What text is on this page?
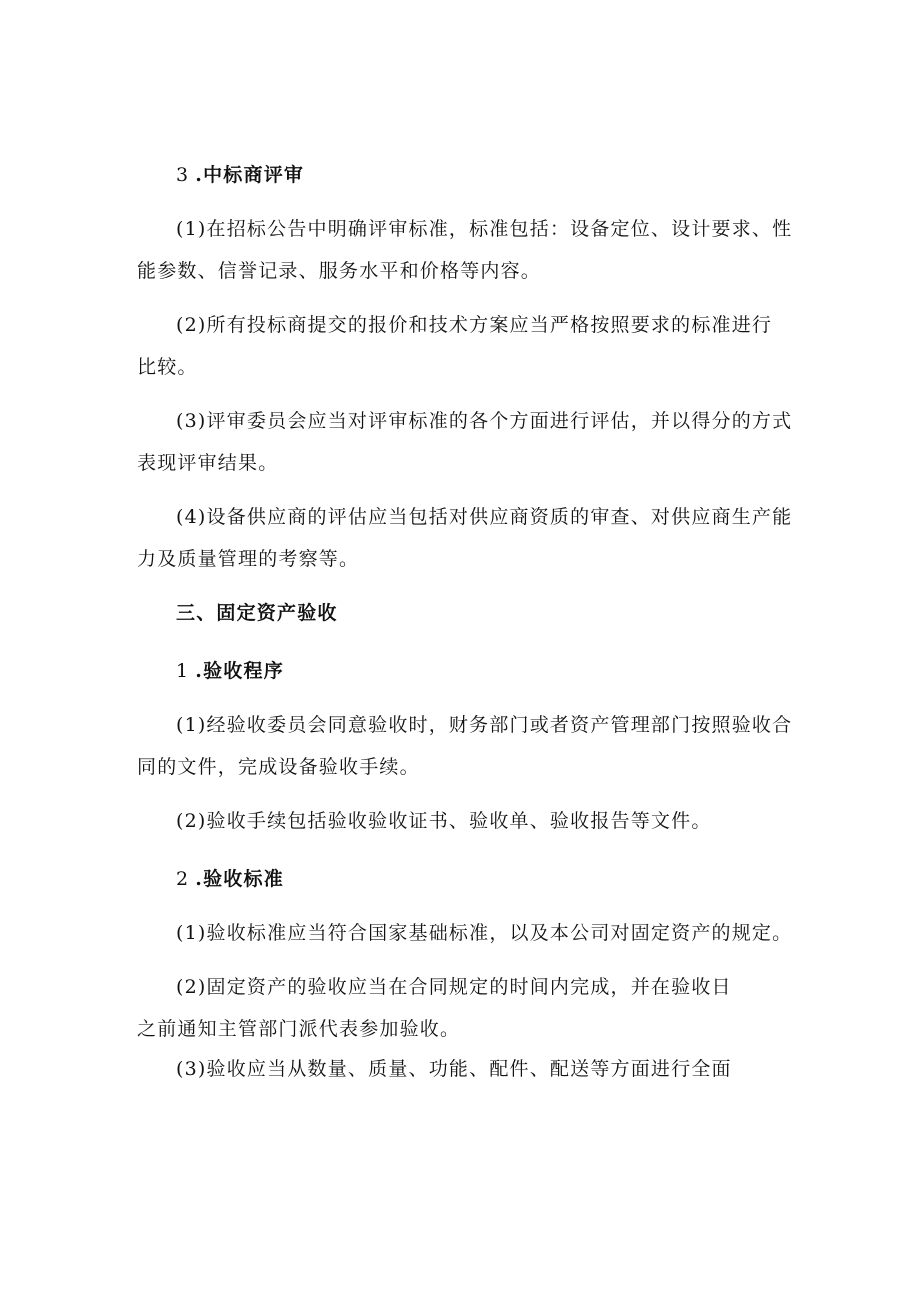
3 .中标商评审
(1)在招标公告中明确评审标准，标准包括：设备定位、设计要求、性
能参数、信誉记录、服务水平和价格等内容。
(2)所有投标商提交的报价和技术方案应当严格按照要求的标准进行
比较。
(3)评审委员会应当对评审标准的各个方面进行评估，并以得分的方式
表现评审结果。
(4)设备供应商的评估应当包括对供应商资质的审查、对供应商生产能
力及质量管理的考察等。
三、固定资产验收
1 .验收程序
(1)经验收委员会同意验收时，财务部门或者资产管理部门按照验收合
同的文件，完成设备验收手续。
(2)验收手续包括验收验收证书、验收单、验收报告等文件。
2 .验收标准
(1)验收标准应当符合国家基础标准，以及本公司对固定资产的规定。
(2)固定资产的验收应当在合同规定的时间内完成，并在验收日
之前通知主管部门派代表参加验收。
(3)验收应当从数量、质量、功能、配件、配送等方面进行全面
